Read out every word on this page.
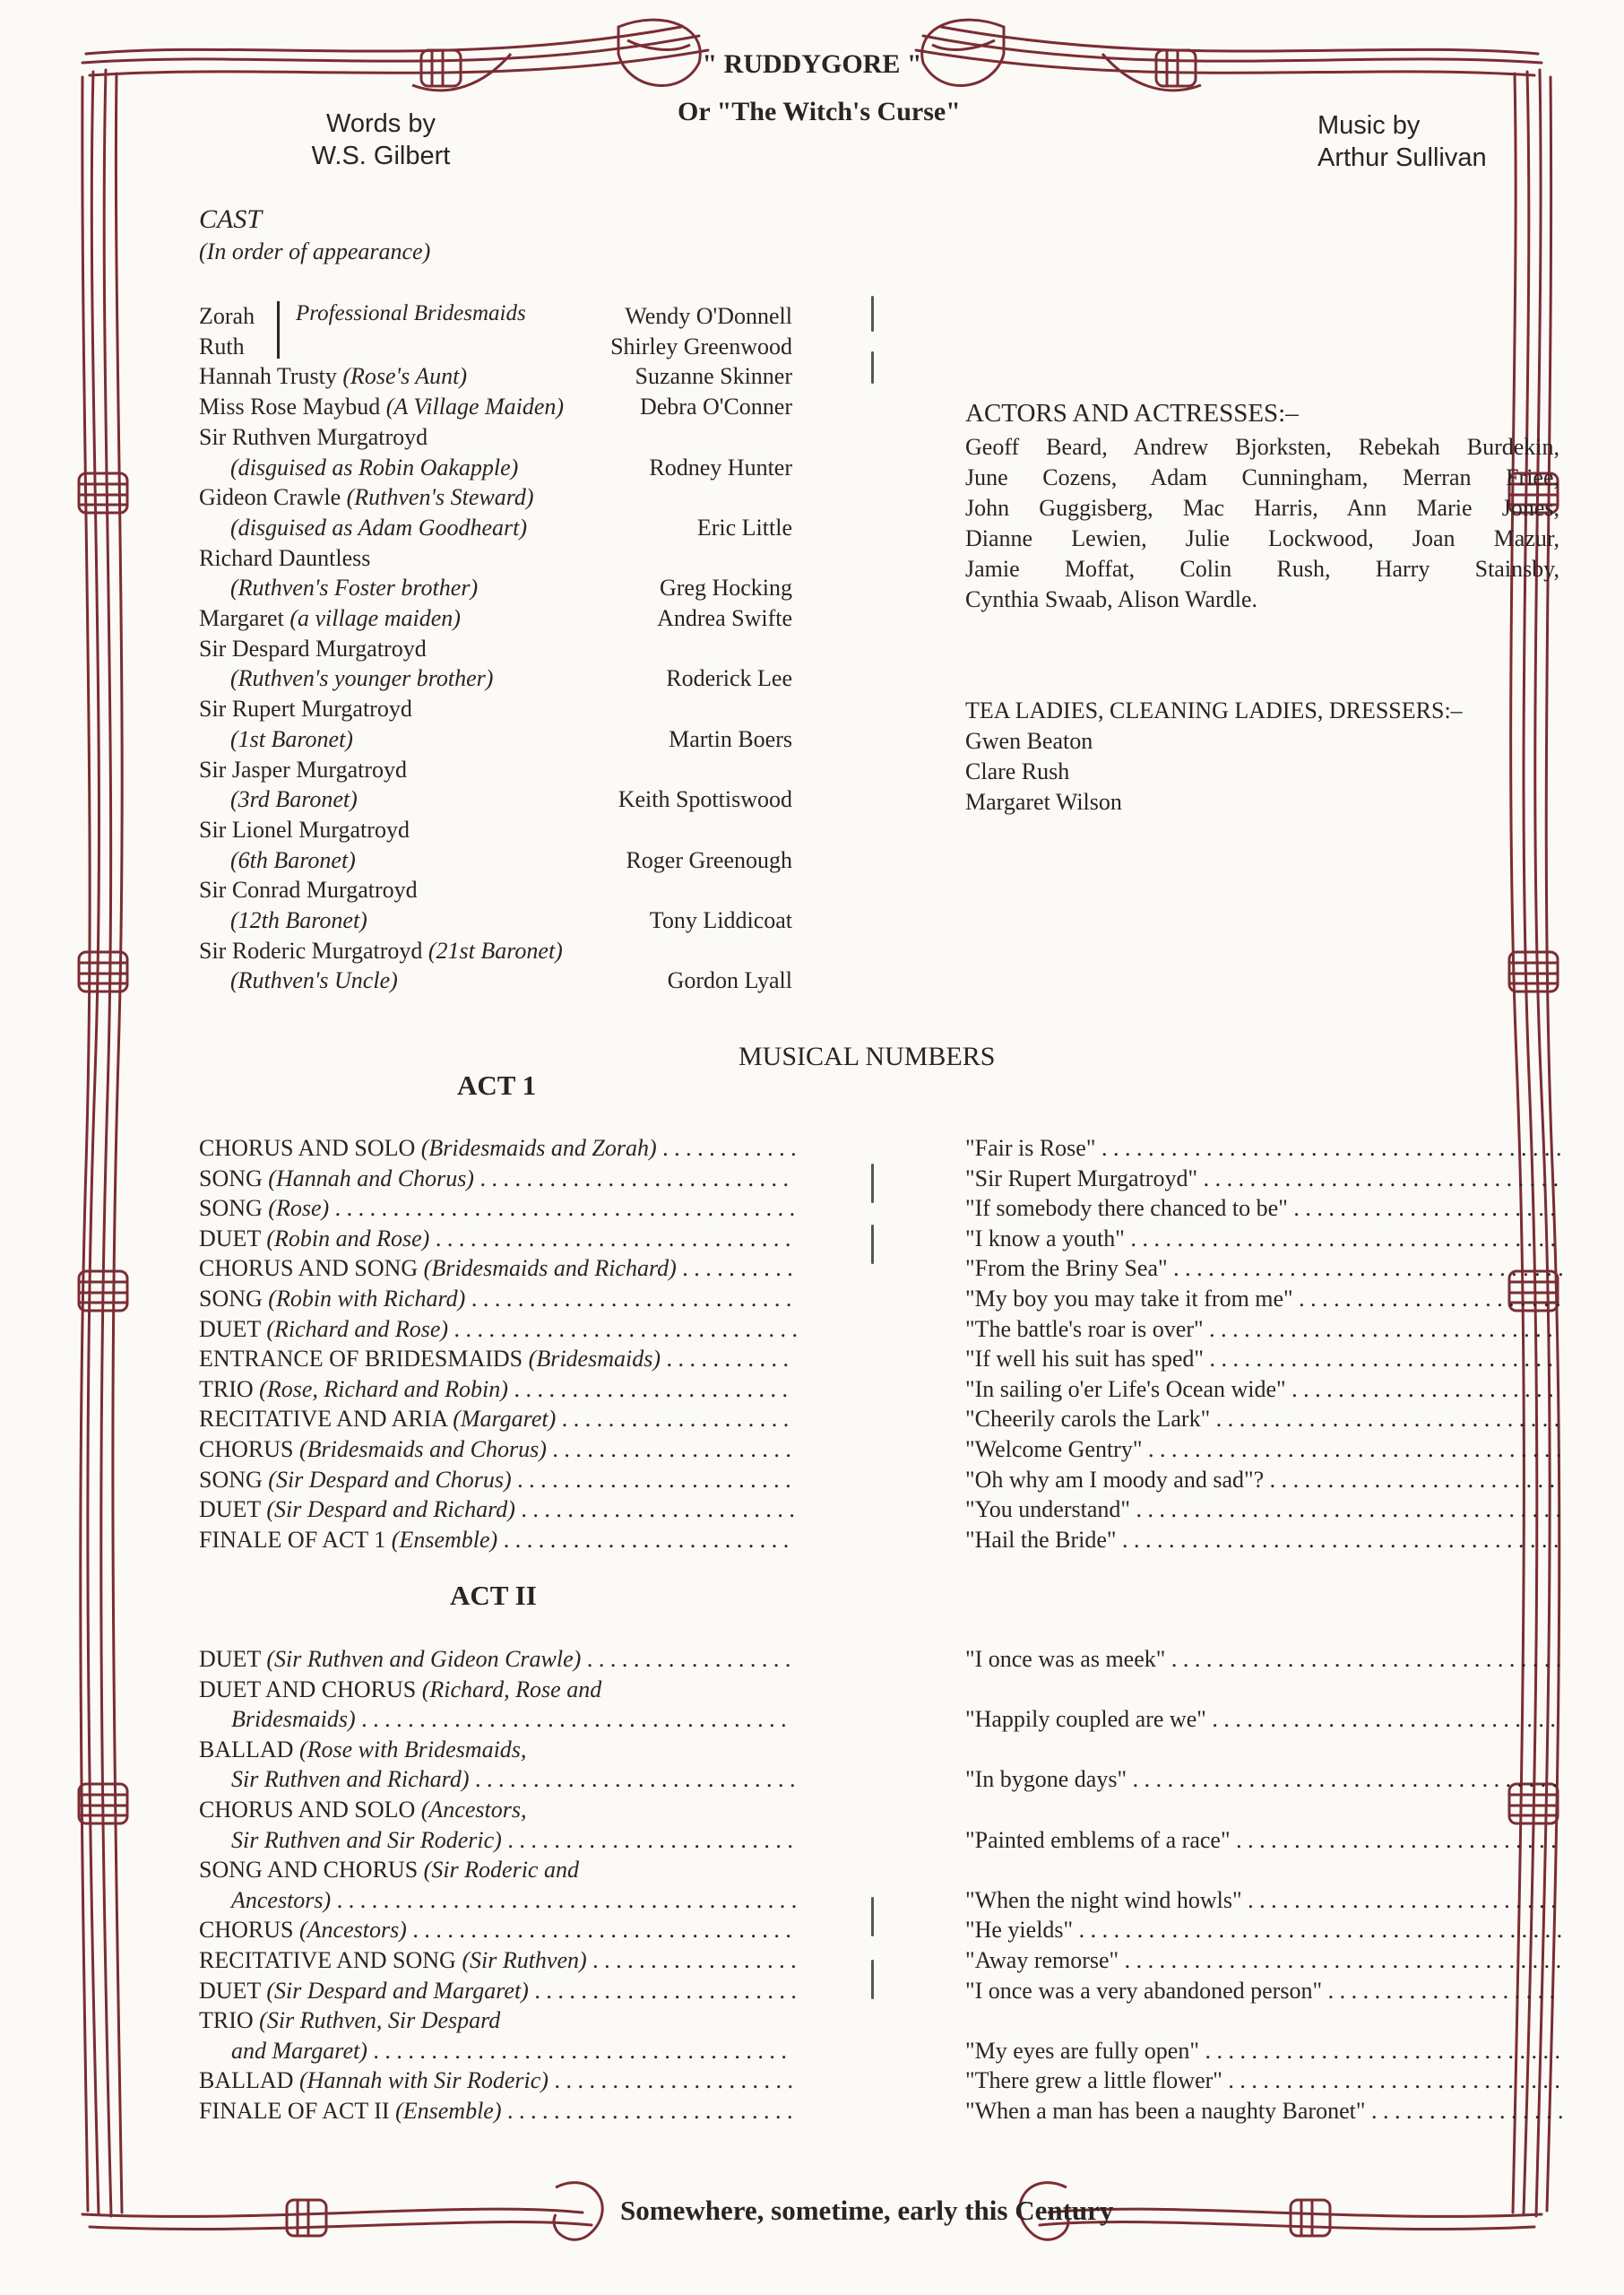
" RUDDYGORE "
Or "The Witch's Curse"
Words by
W.S. Gilbert
Music by
Arthur Sullivan
CAST
(In order of appearance)
Zorah	Wendy O'Donnell
Ruth	Shirley Greenwood
Hannah Trusty (Rose's Aunt)	Suzanne Skinner
Miss Rose Maybud (A Village Maiden)	Debra O'Conner
Sir Ruthven Murgatroyd
(disguised as Robin Oakapple)	Rodney Hunter
Gideon Crawle (Ruthven's Steward)
(disguised as Adam Goodheart)	Eric Little
Richard Dauntless
(Ruthven's Foster brother)	Greg Hocking
Margaret (a village maiden)	Andrea Swifte
Sir Despard Murgatroyd
(Ruthven's younger brother)	Roderick Lee
Sir Rupert Murgatroyd
(1st Baronet)	Martin Boers
Sir Jasper Murgatroyd
(3rd Baronet)	Keith Spottiswood
Sir Lionel Murgatroyd
(6th Baronet)	Roger Greenough
Sir Conrad Murgatroyd
(12th Baronet)	Tony Liddicoat
Sir Roderic Murgatroyd (21st Baronet)
(Ruthven's Uncle)	Gordon Lyall
Professional Bridesmaids
ACTORS AND ACTRESSES:–
Geoff Beard, Andrew Bjorksten, Rebekah Burdekin,
June Cozens, Adam Cunningham, Merran Friee,
John Guggisberg, Mac Harris, Ann Marie Jones,
Dianne Lewien, Julie Lockwood, Joan Mazur,
Jamie Moffat, Colin Rush, Harry Stainsby,
Cynthia Swaab, Alison Wardle.
TEA LADIES, CLEANING LADIES, DRESSERS:–
Gwen Beaton
Clare Rush
Margaret Wilson
MUSICAL NUMBERS
ACT 1
CHORUS AND SOLO (Bridesmaids and Zorah) . . .	"Fair is Rose" . . .
SONG (Hannah and Chorus) . . .	"Sir Rupert Murgatroyd" . . .
SONG (Rose) . . .	"If somebody there chanced to be" . . .
DUET (Robin and Rose) . . .	"I know a youth" . . .
CHORUS AND SONG (Bridesmaids and Richard) . . .	"From the Briny Sea" . . .
SONG (Robin with Richard) . . .	"My boy you may take it from me" . . .
DUET (Richard and Rose) . . .	"The battle's roar is over" . . .
ENTRANCE OF BRIDESMAIDS (Bridesmaids) . . .	"If well his suit has sped" . . .
TRIO (Rose, Richard and Robin) . . .	"In sailing o'er Life's Ocean wide" . . .
RECITATIVE AND ARIA (Margaret) . . .	"Cheerily carols the Lark" . . .
CHORUS (Bridesmaids and Chorus) . . .	"Welcome Gentry" . . .
SONG (Sir Despard and Chorus) . . .	"Oh why am I moody and sad"? . . .
DUET (Sir Despard and Richard) . . .	"You understand" . . .
FINALE OF ACT 1 (Ensemble) . . .	"Hail the Bride" . . .
ACT II
DUET (Sir Ruthven and Gideon Crawle) . . .	"I once was as meek" . . .
DUET AND CHORUS (Richard, Rose and
Bridesmaids) . . .	"Happily coupled are we" . . .
BALLAD (Rose with Bridesmaids,
Sir Ruthven and Richard) . . .	"In bygone days" . . .
CHORUS AND SOLO (Ancestors,
Sir Ruthven and Sir Roderic) . . .	"Painted emblems of a race" . . .
SONG AND CHORUS (Sir Roderic and
Ancestors) . . .	"When the night wind howls" . . .
CHORUS (Ancestors) . . .	"He yields" . . .
RECITATIVE AND SONG (Sir Ruthven) . . .	"Away remorse" . . .
DUET (Sir Despard and Margaret) . . .	"I once was a very abandoned person" . . .
TRIO (Sir Ruthven, Sir Despard
and Margaret) . . .	"My eyes are fully open" . . .
BALLAD (Hannah with Sir Roderic) . . .	"There grew a little flower" . . .
FINALE OF ACT II (Ensemble) . . .	"When a man has been a naughty Baronet" . . .
Somewhere, sometime, early this Century
